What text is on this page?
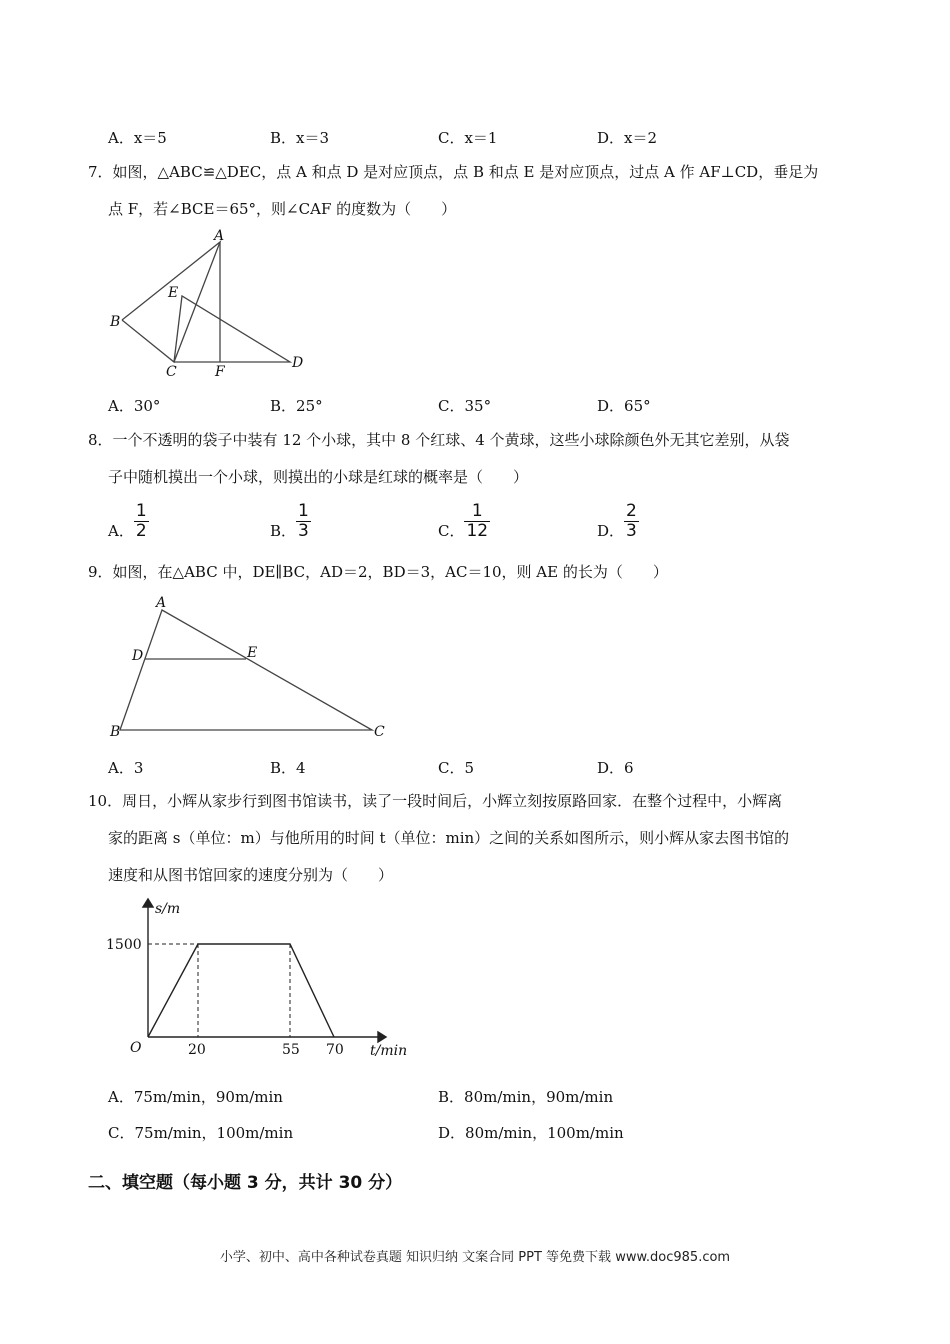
A．x＝5	B．x＝3	C．x＝1	D．x＝2
7．如图，△ABC≌△DEC，点 A 和点 D 是对应顶点，点 B 和点 E 是对应顶点，过点 A 作 AF⊥CD，垂足为
点 F，若∠BCE＝65°，则∠CAF 的度数为（　　）
A
B
C
D
E
F
A．30°	B．25°	C．35°	D．65°
8．一个不透明的袋子中装有 12 个小球，其中 8 个红球、4 个黄球，这些小球除颜色外无其它差别，从袋
子中随机摸出一个小球，则摸出的小球是红球的概率是（　　）
A． $\frac{1}{2}$	B． $\frac{1}{3}$	C． $\frac{1}{12}$	D． $\frac{2}{3}$
9．如图，在△ABC 中，DE∥BC，AD＝2，BD＝3，AC＝10，则 AE 的长为（　　）
A
B	C
D	E
A．3	B．4	C．5	D．6
10．周日，小辉从家步行到图书馆读书，读了一段时间后，小辉立刻按原路回家．在整个过程中，小辉离
家的距离 s（单位：m）与他所用的时间 t（单位：min）之间的关系如图所示，则小辉从家去图书馆的
速度和从图书馆回家的速度分别为（　　）
s/m
t/min
O
1500
20	55 70
A．75m/min，90m/min	B．80m/min，90m/min
C．75m/min，100m/min	D．80m/min，100m/min
二、填空题（每小题 3 分，共计 30 分）
小学、初中、高中各种试卷真题 知识归纳 文案合同 PPT 等免费下载 www.doc985.com
